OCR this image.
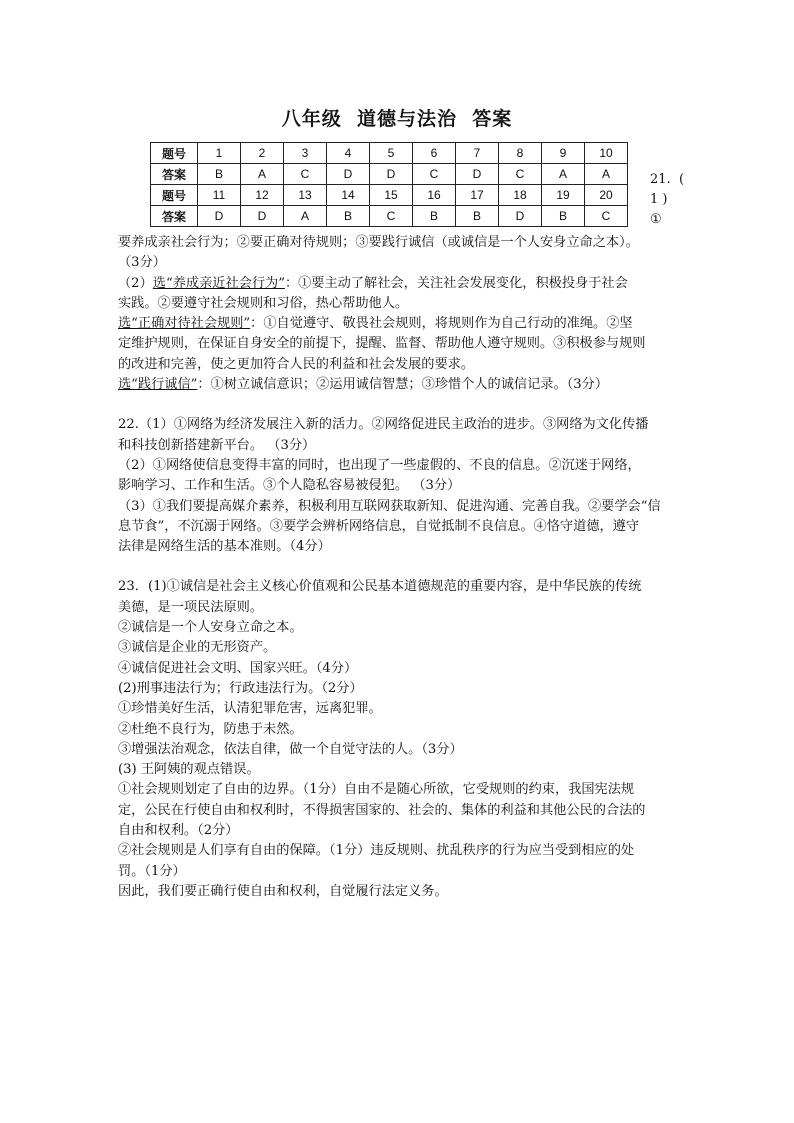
八年级  道德与法治  答案
题号	1	2	3	4	5	6	7	8	9	10
答案	B	A	C	D	D	C	D	C	A	A
题号	11	12	13	14	15	16	17	18	19	20
答案	D	D	A	B	C	B	B	D	B	C
21.  (
1 )
①

要养成亲社会行为；②要正确对待规则；③要践行诚信（或诚信是一个人安身立命之本）。

（3分）

（2）选“养成亲近社会行为”：①要主动了解社会，关注社会发展变化，积极投身于社会

实践。②要遵守社会规则和习俗，热心帮助他人。

选“正确对待社会规则”：①自觉遵守、敬畏社会规则，将规则作为自己行动的准绳。②坚

定维护规则，在保证自身安全的前提下，提醒、监督、帮助他人遵守规则。③积极参与规则

的改进和完善，使之更加符合人民的利益和社会发展的要求。

选“践行诚信”：①树立诚信意识；②运用诚信智慧；③珍惜个人的诚信记录。（3分）

22.（1）①网络为经济发展注入新的活力。②网络促进民主政治的进步。③网络为文化传播

和科技创新搭建新平台。 （3分）

（2）①网络使信息变得丰富的同时，也出现了一些虚假的、不良的信息。②沉迷于网络，

影响学习、工作和生活。③个人隐私容易被侵犯。 （3分）

（3）①我们要提高媒介素养，积极利用互联网获取新知、促进沟通、完善自我。②要学会“信

息节食”，不沉溺于网络。③要学会辨析网络信息，自觉抵制不良信息。④恪守道德，遵守

法律是网络生活的基本准则。（4分）

23．(1)①诚信是社会主义核心价值观和公民基本道德规范的重要内容，是中华民族的传统

美德，是一项民法原则。

②诚信是一个人安身立命之本。

③诚信是企业的无形资产。

④诚信促进社会文明、国家兴旺。（4分）

(2)刑事违法行为；行政违法行为。（2分）

①珍惜美好生活，认清犯罪危害，远离犯罪。

②杜绝不良行为，防患于未然。

③增强法治观念，依法自律，做一个自觉守法的人。（3分）

(3) 王阿姨的观点错误。

①社会规则划定了自由的边界。（1分）自由不是随心所欲，它受规则的约束，我国宪法规

定，公民在行使自由和权利时，不得损害国家的、社会的、集体的利益和其他公民的合法的

自由和权利。（2分）

②社会规则是人们享有自由的保障。（1分）违反规则、扰乱秩序的行为应当受到相应的处

罚。（1分）

因此，我们要正确行使自由和权利，自觉履行法定义务。
